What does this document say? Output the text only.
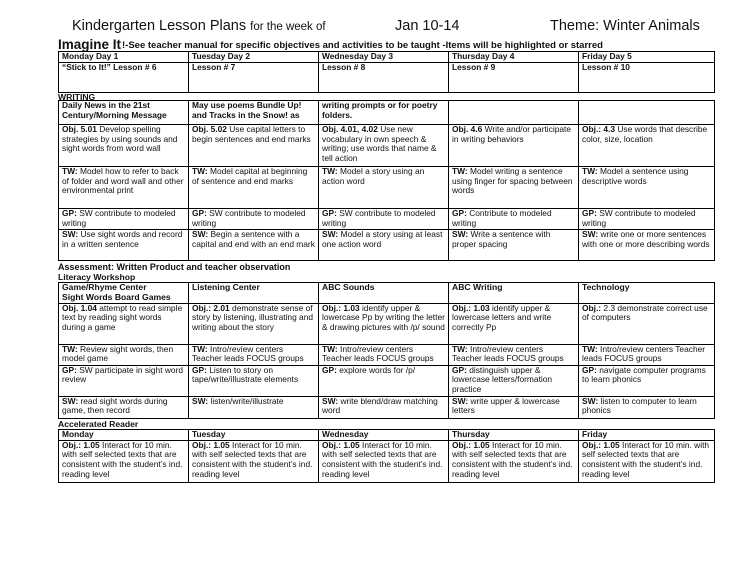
Kindergarten Lesson Plans for the week of	Jan 10-14	Theme: Winter Animals
Imagine It !-See teacher manual for specific objectives and activities to be taught -Items will be highlighted or starred
Monday Day 1	Tuesday Day 2	Wednesday Day 3	Thursday Day 4	Friday Day 5
“Stick to It!” Lesson # 6	Lesson # 7	Lesson # 8	Lesson # 9	Lesson # 10
WRITING
Daily News in the 21st Century/Morning Message	May use poems Bundle Up! and Tracks in the Snow! as	writing prompts or for poetry folders.		
Obj. 5.01 Develop spelling strategies by using sounds and sight words from word wall	Obj. 5.02 Use capital letters to begin sentences and end marks	Obj. 4.01, 4.02 Use new vocabulary in own speech & writing; use words that name & tell action	Obj. 4.6 Write and/or participate in writing behaviors	Obj.: 4.3 Use words that describe color, size, location
TW: Model how to refer to back of folder and word wall and other environmental print	TW: Model capital at beginning of sentence and end marks	TW: Model a story using an action word	TW: Model writing a sentence using finger for spacing between words	TW: Model a sentence using descriptive words
GP: SW contribute to modeled writing	GP: SW contribute to modeled writing	GP: SW contribute to modeled writing	GP: Contribute to modeled writing	GP: SW contribute to modeled writing
SW: Use sight words and record in a written sentence	SW: Begin a sentence with a capital and end with an end mark	SW: Model a story using at least one action word	SW: Write a sentence with proper spacing	SW: write one or more sentences with one or more describing words
Assessment: Written Product and teacher observation
Literacy Workshop
Game/Rhyme Center
Sight Words Board Games	Listening Center	ABC Sounds	ABC Writing	Technology
Obj. 1.04 attempt to read simple text by reading sight words during a game	Obj.: 2.01 demonstrate sense of story by listening, illustrating and writing about the story	Obj.: 1.03 identify upper & lowercase Pp by writing the letter & drawing pictures with /p/ sound	Obj.: 1.03 identify upper & lowercase letters and write correctly Pp	Obj.: 2.3 demonstrate correct use of computers
TW: Review sight words, then model game	TW: Intro/review centers Teacher leads FOCUS groups	TW: Intro/review centers Teacher leads FOCUS groups	TW: Intro/review centers Teacher leads FOCUS groups	TW: Intro/review centers Teacher leads FOCUS groups
GP: SW participate in sight word review	GP: Listen to story on tape/write/illustrate elements	GP: explore words for /p/	GP: distinguish upper & lowercase letters/formation practice	GP: navigate computer programs to learn phonics
SW: read sight words during game, then record	SW: listen/write/illustrate	SW: write blend/draw matching word	SW: write upper & lowercase letters	SW: listen to computer to learn phonics
Accelerated Reader
Monday	Tuesday	Wednesday	Thursday	Friday
Obj.: 1.05 Interact for 10 min. with self selected texts that are consistent with the student’s ind. reading level	Obj.: 1.05 Interact for 10 min. with self selected texts that are consistent with the student’s ind. reading level	Obj.: 1.05 Interact for 10 min. with self selected texts that are consistent with the student’s ind. reading level	Obj.: 1.05 Interact for 10 min. with self selected texts that are consistent with the student’s ind. reading level	Obj.: 1.05 Interact for 10 min. with self selected texts that are consistent with the student’s ind. reading level
